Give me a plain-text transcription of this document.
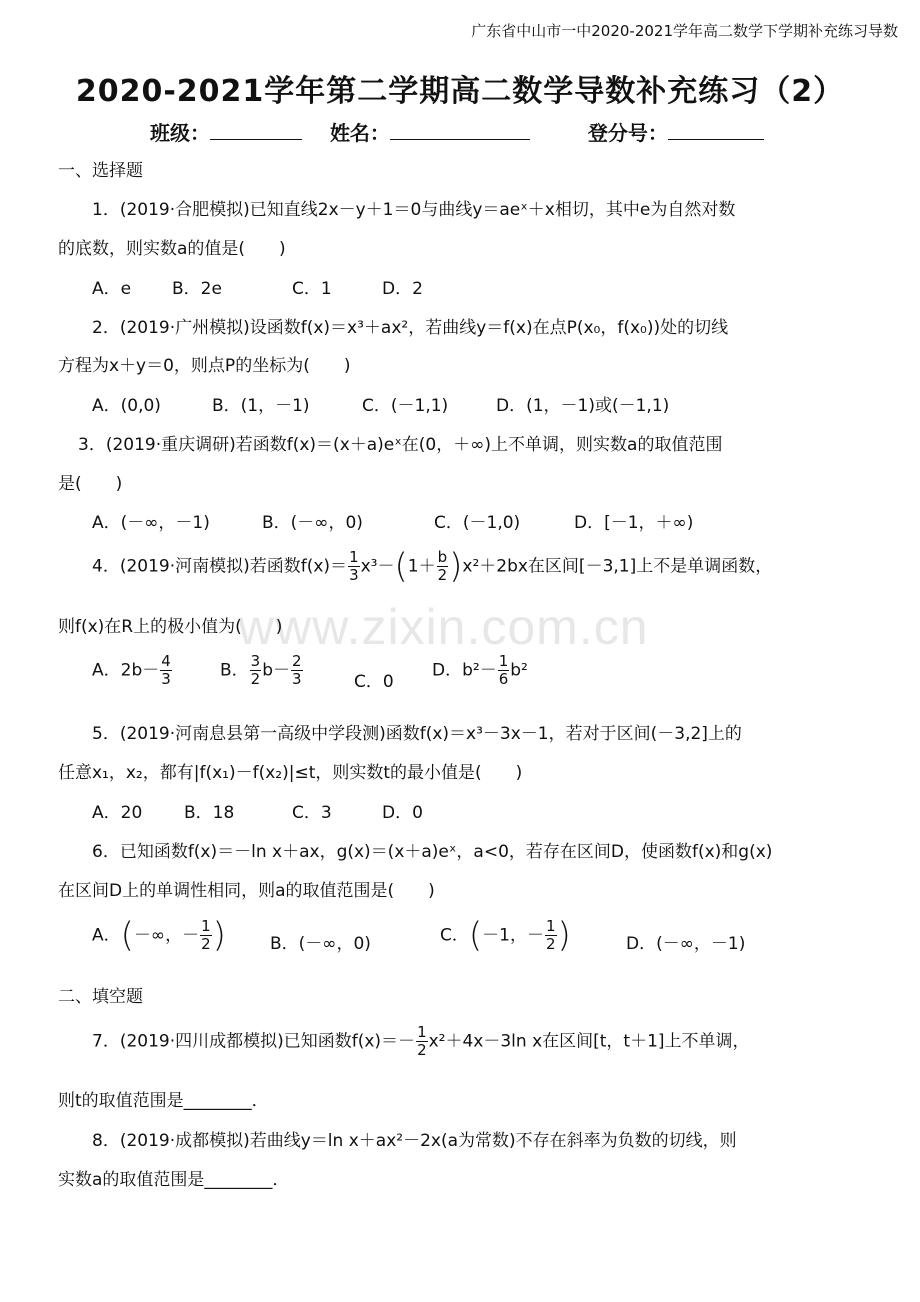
广东省中山市一中2020-2021学年高二数学下学期补充练习导数
2020-2021学年第二学期高二数学导数补充练习（2）
班级：	姓名：	登分号：
www.zixin.com.cn
一、选择题
1．(2019·合肥模拟)已知直线2x－y＋1＝0与曲线y＝aeˣ＋x相切，其中e为自然对数
的底数，则实数a的值是(　　)
A．e B．2e	C．1	D．2
2．(2019·广州模拟)设函数f(x)＝x³＋ax²，若曲线y＝f(x)在点P(x₀，f(x₀))处的切线
方程为x＋y＝0，则点P的坐标为(　　)
A．(0,0)	B．(1，－1)	C．(－1,1)	D．(1，－1)或(－1,1)
3．(2019·重庆调研)若函数f(x)＝(x＋a)eˣ在(0，＋∞)上不单调，则实数a的取值范围
是(　　)
A．(－∞，－1)	B．(－∞，0)	C．(－1,0)	D．[－1，＋∞)
4．(2019·河南模拟)若函数$f(x)= \frac{1}{3} x^3-(1+ \frac{b}{2} )x^2+2bx$在区间[－3,1]上不是单调函数，
则f(x)在R上的极小值为(　　)
A．$2b- \frac{4}{3}$	B． $\frac{3}{2} b- \frac{2}{3}$	C．0
D．$b^2- \frac{1}{6} b^2$
5．(2019·河南息县第一高级中学段测)函数f(x)＝x³－3x－1，若对于区间(－3,2]上的
任意x₁，x₂，都有|f(x₁)－f(x₂)|≤t，则实数t的最小值是(　　)
A．20 B．18	C．3	D．0
6．已知函数f(x)＝－ln x＋ax，g(x)＝(x＋a)eˣ，a<0，若存在区间D，使函数f(x)和g(x)
在区间D上的单调性相同，则a的取值范围是(　　)
A．(－∞，－ $\frac{1}{2}$ )	B．(－∞，0)	C．(－1，－ $\frac{1}{2}$ )	D．(－∞，－1)
二、填空题
7．(2019·四川成都模拟)已知函数$f(x)=- \frac{1}{2} x^2+4x-3\ln$ x在区间[t，t＋1]上不单调，
则t的取值范围是________．
8．(2019·成都模拟)若曲线y＝ln x＋ax²－2x(a为常数)不存在斜率为负数的切线，则
实数a的取值范围是________．
